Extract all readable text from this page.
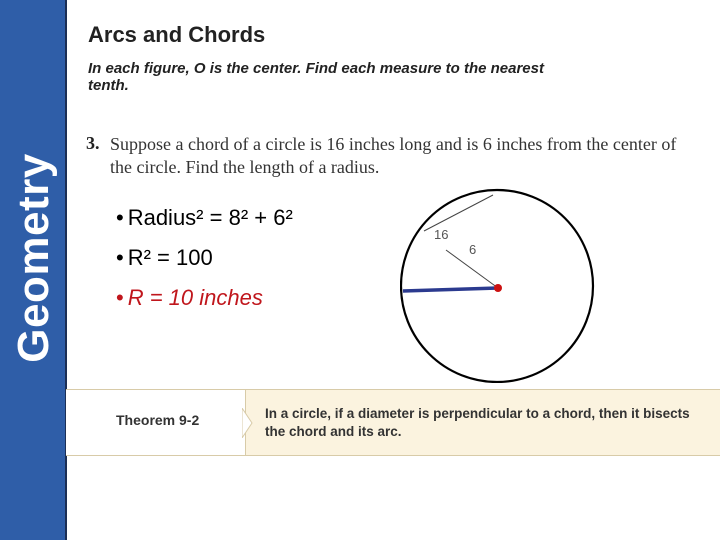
Geometry
Arcs and Chords
In each figure, O is the center. Find each measure to the nearest tenth.
3. Suppose a chord of a circle is 16 inches long and is 6 inches from the center of the circle. Find the length of a radius.
• Radius² = 8² + 6²
• R² = 100
• R = 10 inches
16
6
Theorem 9-2	In a circle, if a diameter is perpendicular to a chord, then it bisects the chord and its arc.
